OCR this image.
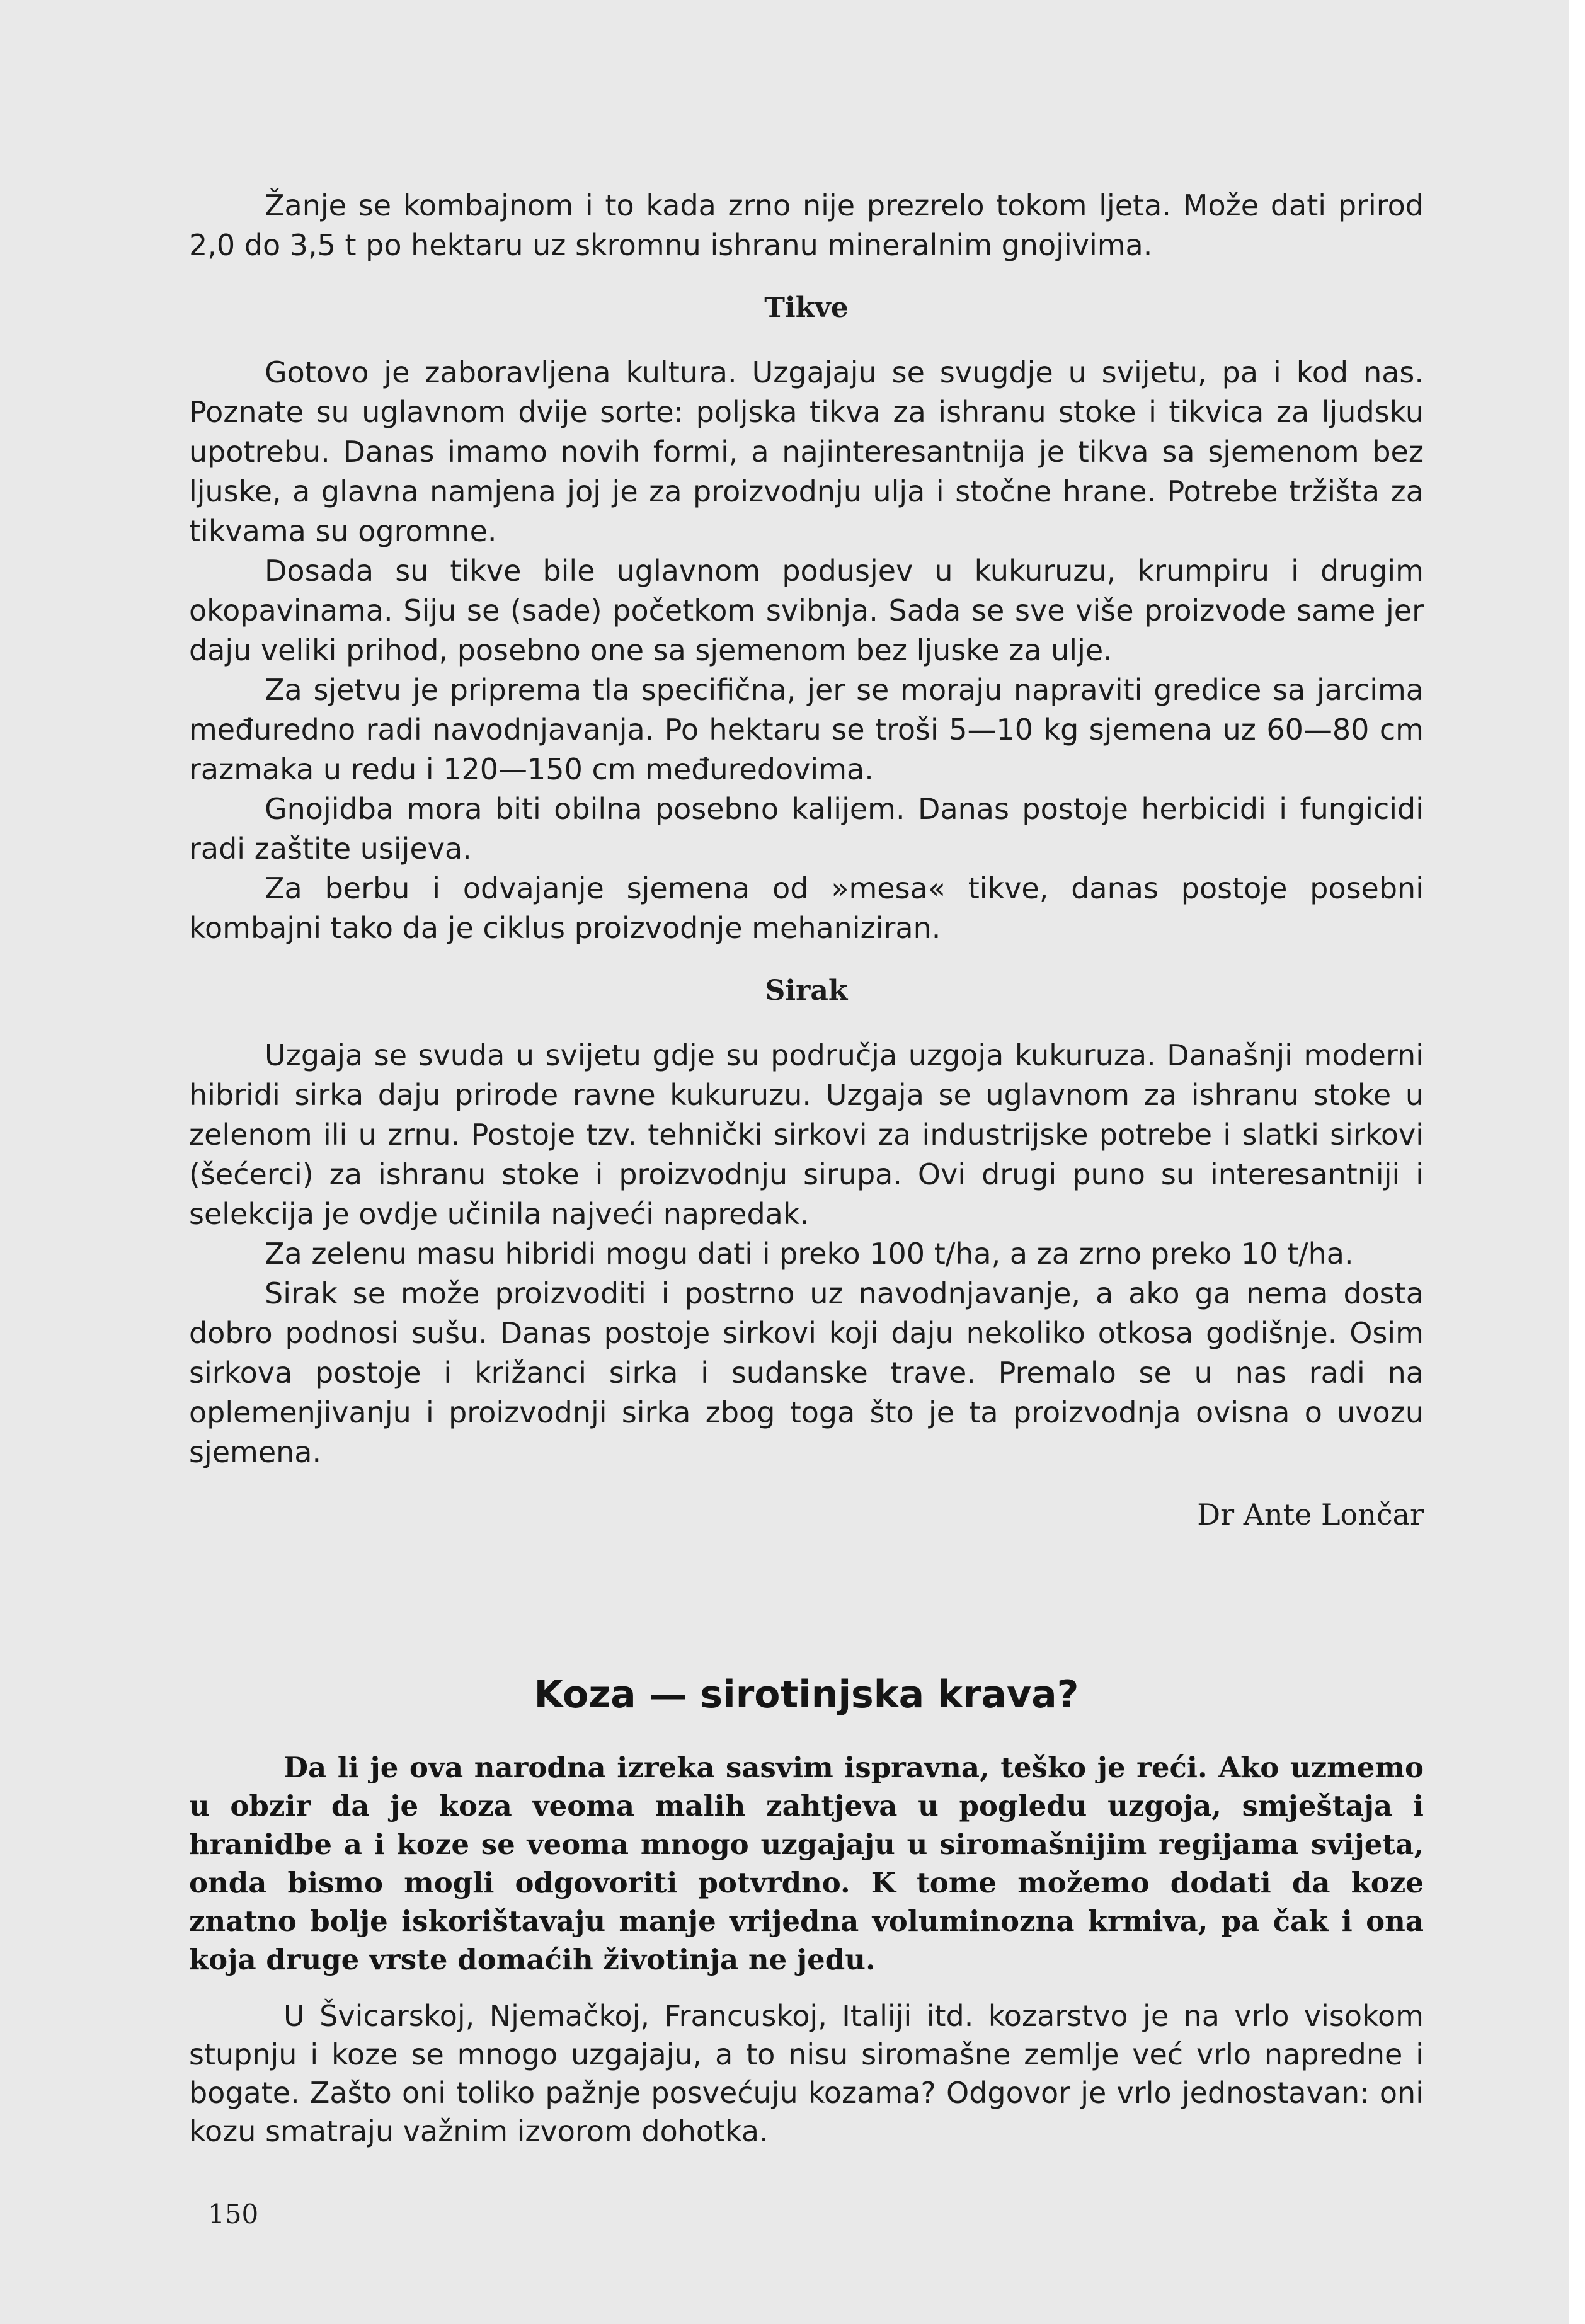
Žanje se kombajnom i to kada zrno nije prezrelo tokom ljeta. Može dati prirod 2,0 do 3,5 t po hektaru uz skromnu ishranu mineralnim gnojivima.

Tikve

Gotovo je zaboravljena kultura. Uzgajaju se svugdje u svijetu, pa i kod nas. Poznate su uglavnom dvije sorte: poljska tikva za ishranu stoke i tikvica za ljudsku upotrebu. Danas imamo novih formi, a najinteresantnija je tikva sa sjemenom bez ljuske, a glavna namjena joj je za proizvodnju ulja i stočne hrane. Potrebe tržišta za tikvama su ogromne.

Dosada su tikve bile uglavnom podusjev u kukuruzu, krumpiru i drugim okopavinama. Siju se (sade) početkom svibnja. Sada se sve više proizvode same jer daju veliki prihod, posebno one sa sjemenom bez ljuske za ulje.

Za sjetvu je priprema tla specifična, jer se moraju napraviti gredice sa jarcima međuredno radi navodnjavanja. Po hektaru se troši 5—10 kg sjemena uz 60—80 cm razmaka u redu i 120—150 cm međuredovima.

Gnojidba mora biti obilna posebno kalijem. Danas postoje herbicidi i fungicidi radi zaštite usijeva.

Za berbu i odvajanje sjemena od »mesa« tikve, danas postoje posebni kombajni tako da je ciklus proizvodnje mehaniziran.

Sirak

Uzgaja se svuda u svijetu gdje su područja uzgoja kukuruza. Današnji moderni hibridi sirka daju prirode ravne kukuruzu. Uzgaja se uglavnom za ishranu stoke u zelenom ili u zrnu. Postoje tzv. tehnički sirkovi za industrijske potrebe i slatki sirkovi (šećerci) za ishranu stoke i proizvodnju sirupa. Ovi drugi puno su interesantniji i selekcija je ovdje učinila najveći napredak.

Za zelenu masu hibridi mogu dati i preko 100 t/ha, a za zrno preko 10 t/ha.

Sirak se može proizvoditi i postrno uz navodnjavanje, a ako ga nema dosta dobro podnosi sušu. Danas postoje sirkovi koji daju nekoliko otkosa godišnje. Osim sirkova postoje i križanci sirka i sudanske trave. Premalo se u nas radi na oplemenjivanju i proizvodnji sirka zbog toga što je ta proizvodnja ovisna o uvozu sjemena.

Dr Ante Lončar
Koza — sirotinjska krava?

Da li je ova narodna izreka sasvim ispravna, teško je reći. Ako uzmemo u obzir da je koza veoma malih zahtjeva u pogledu uzgoja, smještaja i hranidbe a i koze se veoma mnogo uzgajaju u siromašnijim regijama svijeta, onda bismo mogli odgovoriti potvrdno. K tome možemo dodati da koze znatno bolje iskorištavaju manje vrijedna voluminozna krmiva, pa čak i ona koja druge vrste domaćih životinja ne jedu.

U Švicarskoj, Njemačkoj, Francuskoj, Italiji itd. kozarstvo je na vrlo visokom stupnju i koze se mnogo uzgajaju, a to nisu siromašne zemlje već vrlo napredne i bogate. Zašto oni toliko pažnje posvećuju kozama? Odgovor je vrlo jednostavan: oni kozu smatraju važnim izvorom dohotka.

150
